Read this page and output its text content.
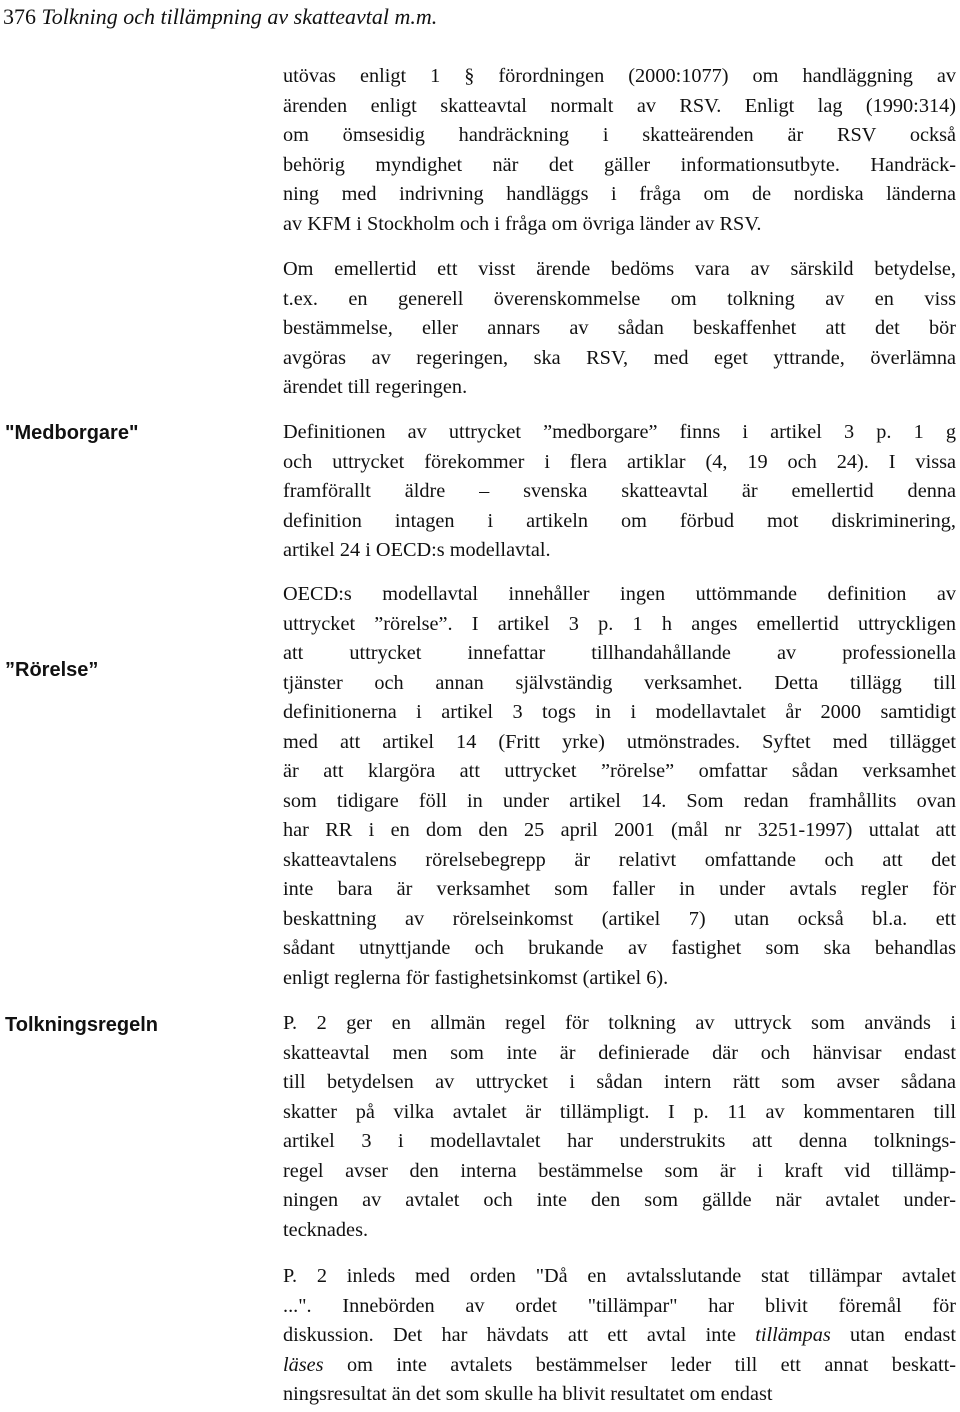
376 Tolkning och tillämpning av skatteavtal m.m.
"Medborgare"
”Rörelse”
Tolkningsregeln
utövas enligt 1 § förordningen (2000:1077) om handläggning av
ärenden enligt skatteavtal normalt av RSV. Enligt lag (1990:314)
om ömsesidig handräckning i skatteärenden är RSV också
behörig myndighet när det gäller informationsutbyte. Handräck-
ning med indrivning handläggs i fråga om de nordiska länderna
av KFM i Stockholm och i fråga om övriga länder av RSV.
Om emellertid ett visst ärende bedöms vara av särskild betydelse,
t.ex. en generell överenskommelse om tolkning av en viss
bestämmelse, eller annars av sådan beskaffenhet att det bör
avgöras av regeringen, ska RSV, med eget yttrande, överlämna
ärendet till regeringen.
Definitionen av uttrycket ”medborgare” finns i artikel 3 p. 1 g
och uttrycket förekommer i flera artiklar (4, 19 och 24). I vissa
framförallt äldre – svenska skatteavtal är emellertid denna
definition intagen i artikeln om förbud mot diskriminering,
artikel 24 i OECD:s modellavtal.
OECD:s modellavtal innehåller ingen uttömmande definition av
uttrycket ”rörelse”. I artikel 3 p. 1 h anges emellertid uttryckligen
att uttrycket innefattar tillhandahållande av professionella
tjänster och annan självständig verksamhet. Detta tillägg till
definitionerna i artikel 3 togs in i modellavtalet år 2000 samtidigt
med att artikel 14 (Fritt yrke) utmönstrades. Syftet med tillägget
är att klargöra att uttrycket ”rörelse” omfattar sådan verksamhet
som tidigare föll in under artikel 14. Som redan framhållits ovan
har RR i en dom den 25 april 2001 (mål nr 3251-1997) uttalat att
skatteavtalens rörelsebegrepp är relativt omfattande och att det
inte bara är verksamhet som faller in under avtals regler för
beskattning av rörelseinkomst (artikel 7) utan också bl.a. ett
sådant utnyttjande och brukande av fastighet som ska behandlas
enligt reglerna för fastighetsinkomst (artikel 6).
P. 2 ger en allmän regel för tolkning av uttryck som används i
skatteavtal men som inte är definierade där och hänvisar endast
till betydelsen av uttrycket i sådan intern rätt som avser sådana
skatter på vilka avtalet är tillämpligt. I p. 11 av kommentaren till
artikel 3 i modellavtalet har understrukits att denna tolknings-
regel avser den interna bestämmelse som är i kraft vid tillämp-
ningen av avtalet och inte den som gällde när avtalet under-
tecknades.
P. 2 inleds med orden "Då en avtalsslutande stat tillämpar avtalet
...". Innebörden av ordet "tillämpar" har blivit föremål för
diskussion. Det har hävdats att ett avtal inte tillämpas utan endast
läses om inte avtalets bestämmelser leder till ett annat beskatt-
ningsresultat än det som skulle ha blivit resultatet om endast
